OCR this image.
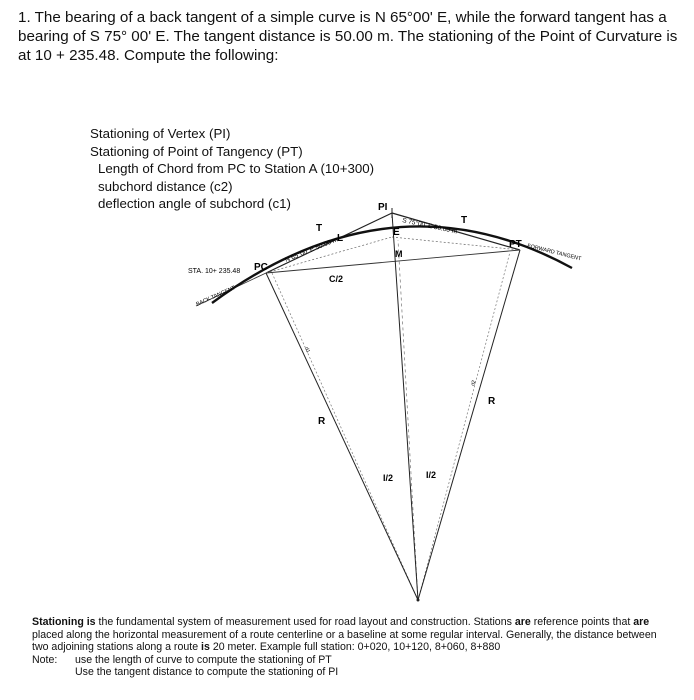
1. The bearing of a back tangent of a simple curve is N 65°00' E, while the forward tangent has a bearing of S 75° 00' E. The tangent distance is 50.00 m. The stationing of the Point of Curvature is at 10 + 235.48. Compute the following:

Stationing of Vertex (PI)
Stationing of Point of Tangency (PT)
Length of Chord from PC to Station A (10+300)
subchord distance (c2)
deflection angle of subchord (c1)	PI
PC
PT
T
T
N 65°00' E 50.00 m
S 75°00' E 50.00 m
L
E
M
C/2
R
R
I/2	I/2
STA. 10+ 235.48
BACK TANGENT
FORWARD TANGENT
d2
d1

Stationing is the fundamental system of measurement used for road layout and construction. Stations are reference points that are placed along the horizontal measurement of a route centerline or a baseline at some regular interval. Generally, the distance between two adjoining stations along a route is 20 meter. Example full station: 0+020, 10+120, 8+060, 8+880

Note:	use the length of curve to compute the stationing of PT
Use the tangent distance to compute the stationing of PI
